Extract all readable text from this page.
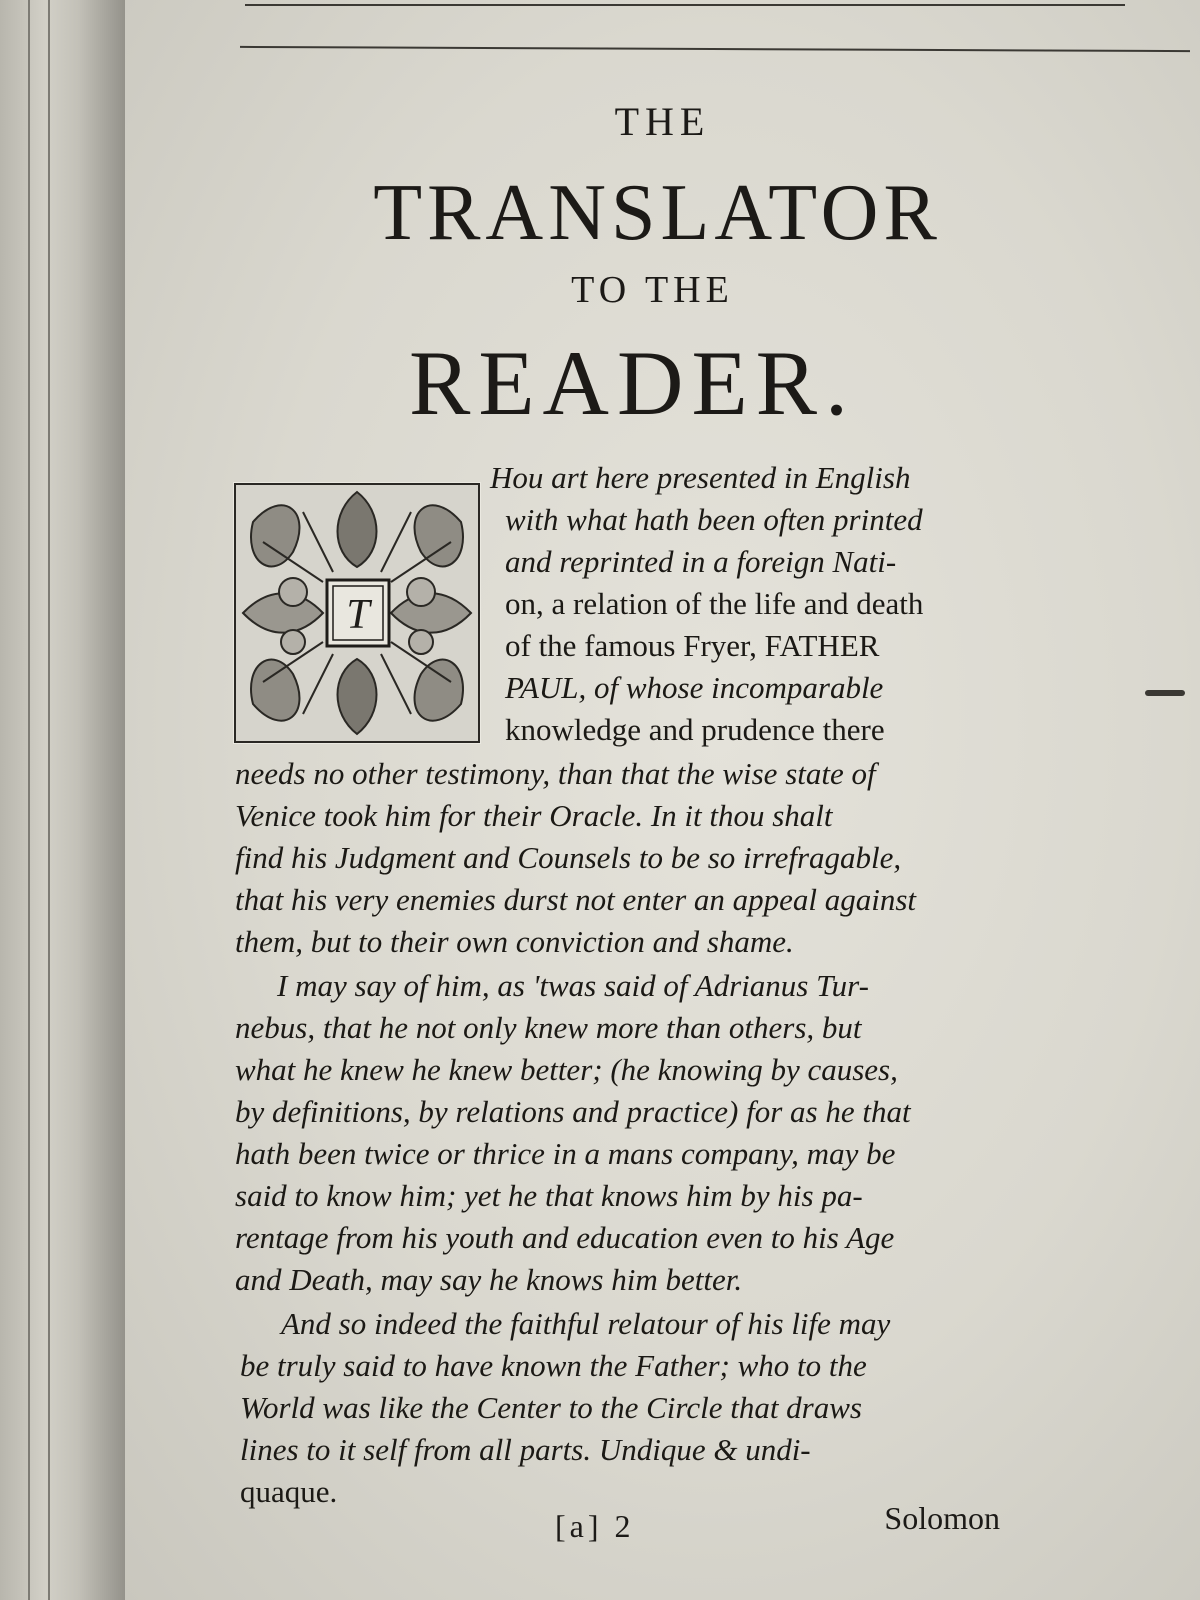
THE
TRANSLATOR
TO THE
READER.
T
Hou art here presented in English
with what hath been often printed
and reprinted in a foreign Nati-
on, a relation of the life and death
of the famous Fryer, FATHER
PAUL, of whose incomparable
knowledge and prudence there
needs no other testimony, than that the wise state of
Venice took him for their Oracle. In it thou shalt
find his Judgment and Counsels to be so irrefragable,
that his very enemies durst not enter an appeal against
them, but to their own conviction and shame.
I may say of him, as 'twas said of Adrianus Tur-
nebus, that he not only knew more than others, but
what he knew he knew better; (he knowing by causes,
by definitions, by relations and practice) for as he that
hath been twice or thrice in a mans company, may be
said to know him; yet he that knows him by his pa-
rentage from his youth and education even to his Age
and Death, may say he knows him better.
And so indeed the faithful relatour of his life may
be truly said to have known the Father; who to the
World was like the Center to the Circle that draws
lines to it self from all parts. Undique & undi-
quaque.
[a] 2	Solomon
